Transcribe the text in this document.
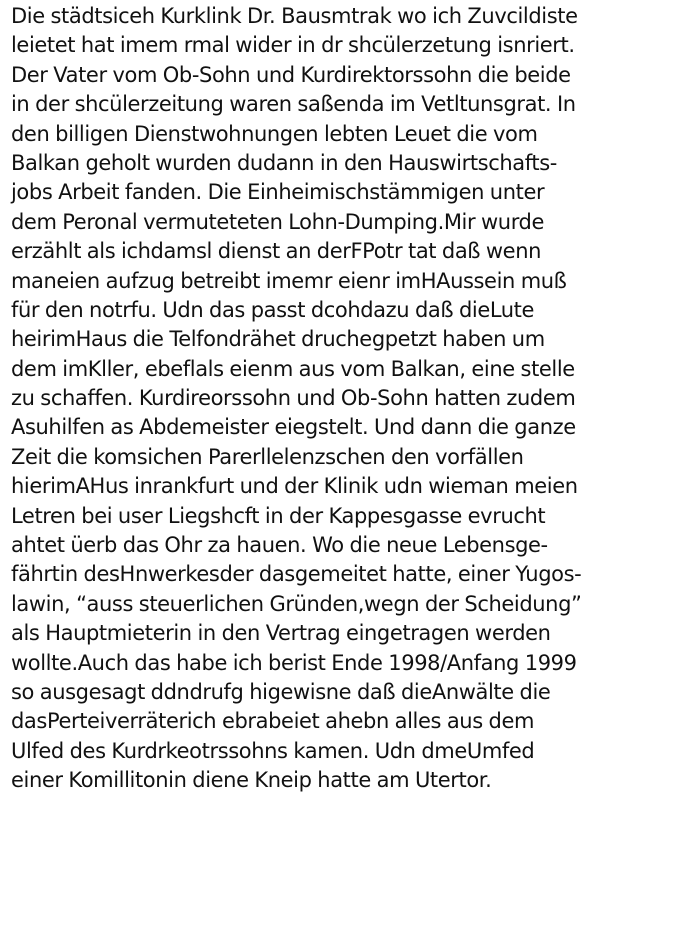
Die städtsiceh Kurklink Dr. Bausmtrak wo ich Zuvcildiste
leietet hat imem rmal wider in dr shcülerzetung isnriert.
Der Vater vom Ob-Sohn und Kurdirektorssohn die beide
in der shcülerzeitung waren saßenda im Vetltunsgrat. In
den billigen Dienstwohnungen lebten Leuet die vom
Balkan geholt wurden dudann in den Hauswirtschafts-
jobs Arbeit fanden. Die Einheimischstämmigen unter
dem Peronal vermuteteten Lohn-Dumping.Mir wurde
erzählt als ichdamsl dienst an derFPotr tat daß wenn
maneien aufzug betreibt imemr eienr imHAussein muß
für den notrfu. Udn das passt dcohdazu daß dieLute
heirimHaus die Telfondrähet druchegpetzt haben um
dem imKller, ebeflals eienm aus vom Balkan, eine stelle
zu schaffen. Kurdireorssohn und Ob-Sohn hatten zudem
Asuhilfen as Abdemeister eiegstelt. Und dann die ganze
Zeit die komsichen Parerllelenzschen den vorfällen
hierimAHus inrankfurt und der Klinik udn wieman meien
Letren bei user Liegshcft in der Kappesgasse evrucht
ahtet üerb das Ohr za hauen. Wo die neue Lebensge-
fährtin desHnwerkesder dasgemeitet hatte, einer Yugos-
lawin, “auss steuerlichen Gründen,wegn der Scheidung”
als Hauptmieterin in den Vertrag eingetragen werden
wollte.Auch das habe ich berist Ende 1998/Anfang 1999
so ausgesagt ddndrufg higewisne daß dieAnwälte die
dasPerteiverräterich ebrabeiet ahebn alles aus dem
Ulfed des Kurdrkeotrssohns kamen. Udn dmeUmfed
einer Komillitonin diene Kneip hatte am Utertor.
